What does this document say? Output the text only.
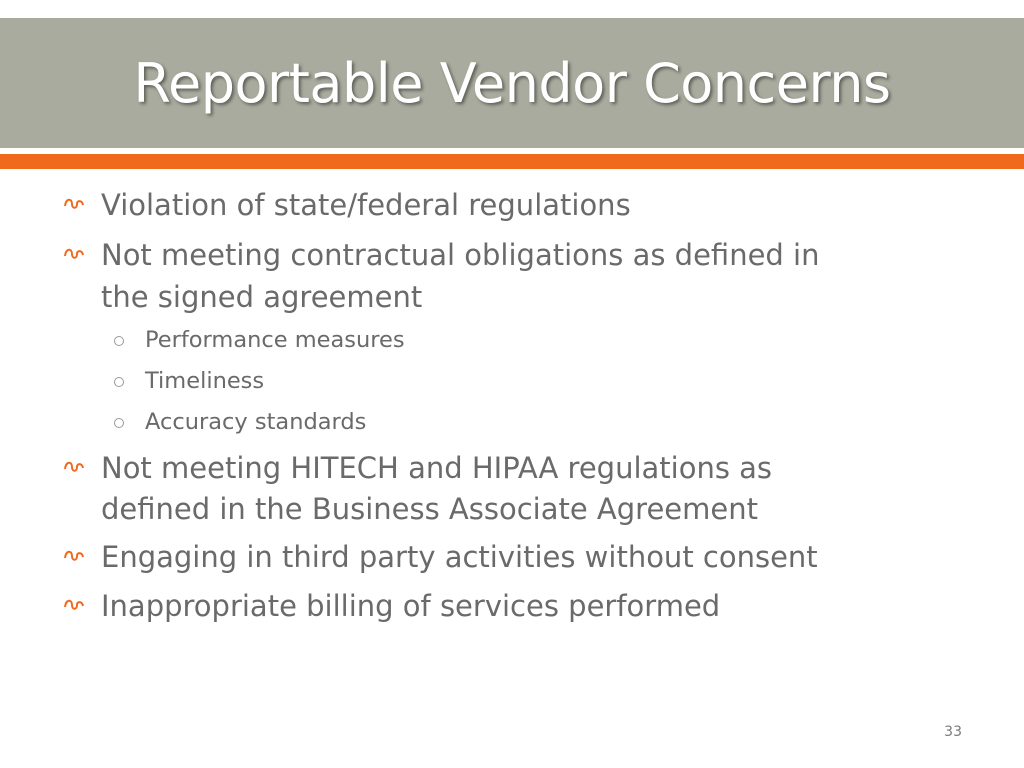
Reportable Vendor Concerns
Violation of state/federal regulations
Not meeting contractual obligations as defined in
the signed agreement
Performance measures
Timeliness
Accuracy standards
Not meeting HITECH and HIPAA regulations as
defined in the Business Associate Agreement
Engaging in third party activities without consent
Inappropriate billing of services performed
33
